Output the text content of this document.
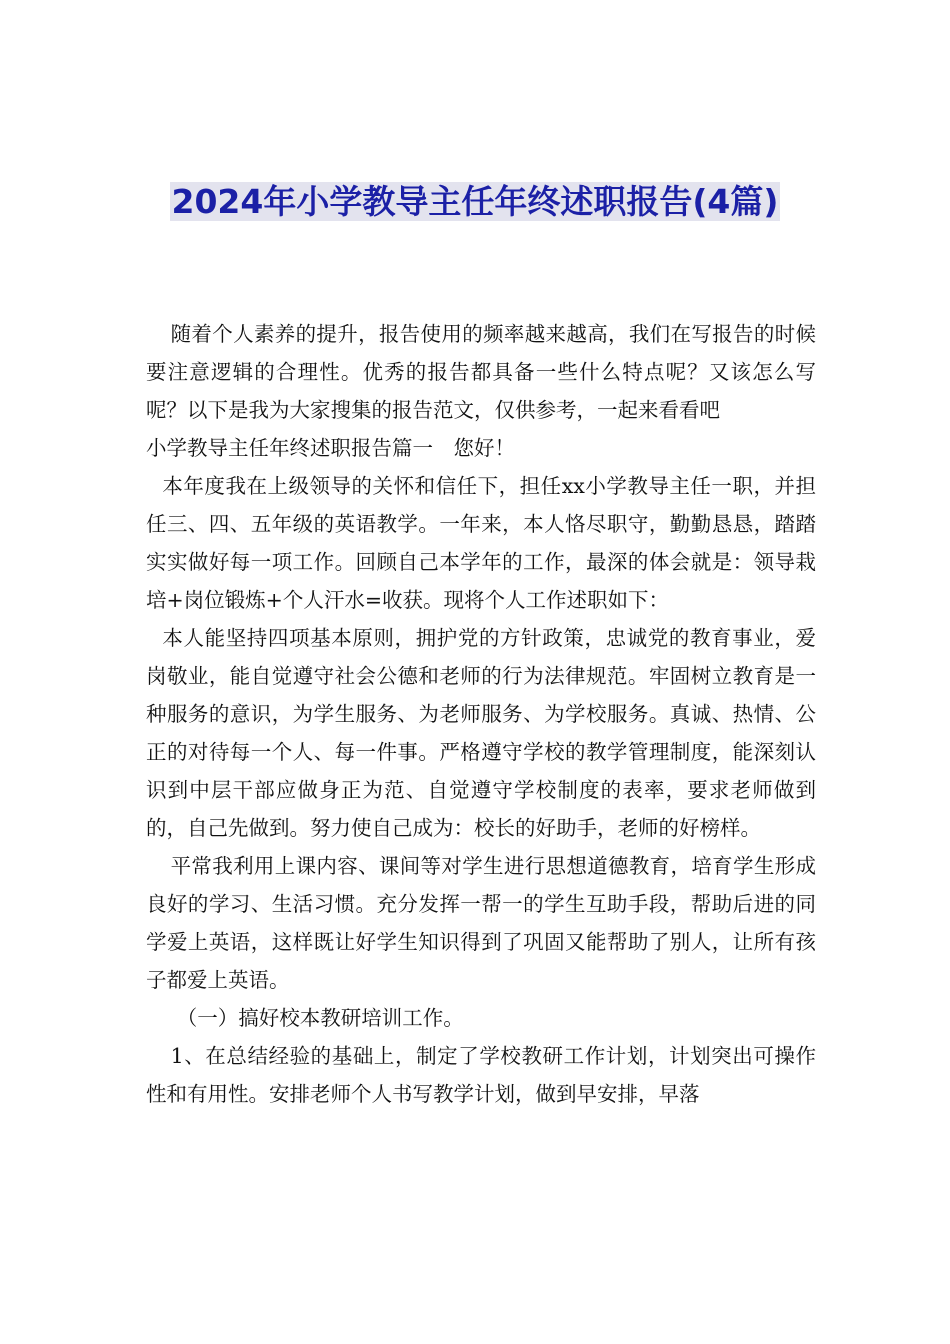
2024年小学教导主任年终述职报告(4篇)

随着个人素养的提升，报告使用的频率越来越高，我们在写报告的时候要注意逻辑的合理性。优秀的报告都具备一些什么特点呢？又该怎么写呢？以下是我为大家搜集的报告范文，仅供参考，一起来看看吧

小学教导主任年终述职报告篇一　您好！

本年度我在上级领导的关怀和信任下，担任xx小学教导主任一职，并担任三、四、五年级的英语教学。一年来，本人恪尽职守，勤勤恳恳，踏踏实实做好每一项工作。回顾自己本学年的工作，最深的体会就是：领导栽培+岗位锻炼+个人汗水=收获。现将个人工作述职如下：

本人能坚持四项基本原则，拥护党的方针政策，忠诚党的教育事业，爱岗敬业，能自觉遵守社会公德和老师的行为法律规范。牢固树立教育是一种服务的意识，为学生服务、为老师服务、为学校服务。真诚、热情、公正的对待每一个人、每一件事。严格遵守学校的教学管理制度，能深刻认识到中层干部应做身正为范、自觉遵守学校制度的表率，要求老师做到的，自己先做到。努力使自己成为：校长的好助手，老师的好榜样。

平常我利用上课内容、课间等对学生进行思想道德教育，培育学生形成良好的学习、生活习惯。充分发挥一帮一的学生互助手段，帮助后进的同学爱上英语，这样既让好学生知识得到了巩固又能帮助了别人，让所有孩子都爱上英语。

（一）搞好校本教研培训工作。

1、在总结经验的基础上，制定了学校教研工作计划，计划突出可操作性和有用性。安排老师个人书写教学计划，做到早安排，早落
